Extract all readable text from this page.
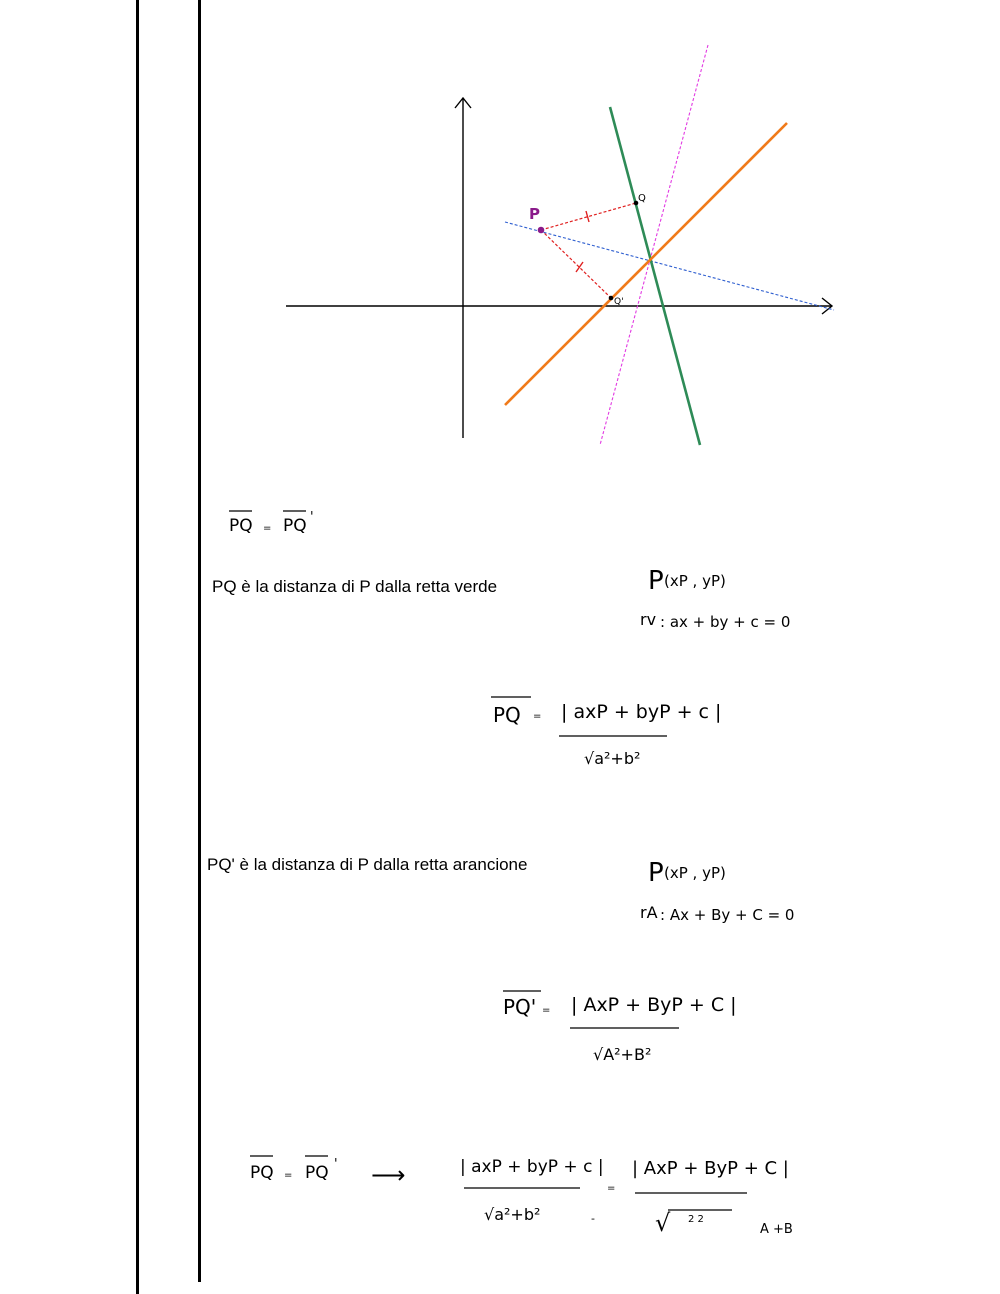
P
Q
Q'
PQ = PQ '
P (xP , yP)
rv : ax + by + c = 0
PQ = | axP + byP + c |
√a²+b²
P (xP , yP)
rA : Ax + By + C = 0
PQ' = | AxP + ByP + C |
√A²+B²
PQ = PQ ' ⟶	| axP + byP + c |
√a²+b²
=
-
| AxP + ByP + C |
√ 2 2
A +B
PQ è la distanza di P dalla retta verde
PQ' è la distanza di P dalla retta arancione
